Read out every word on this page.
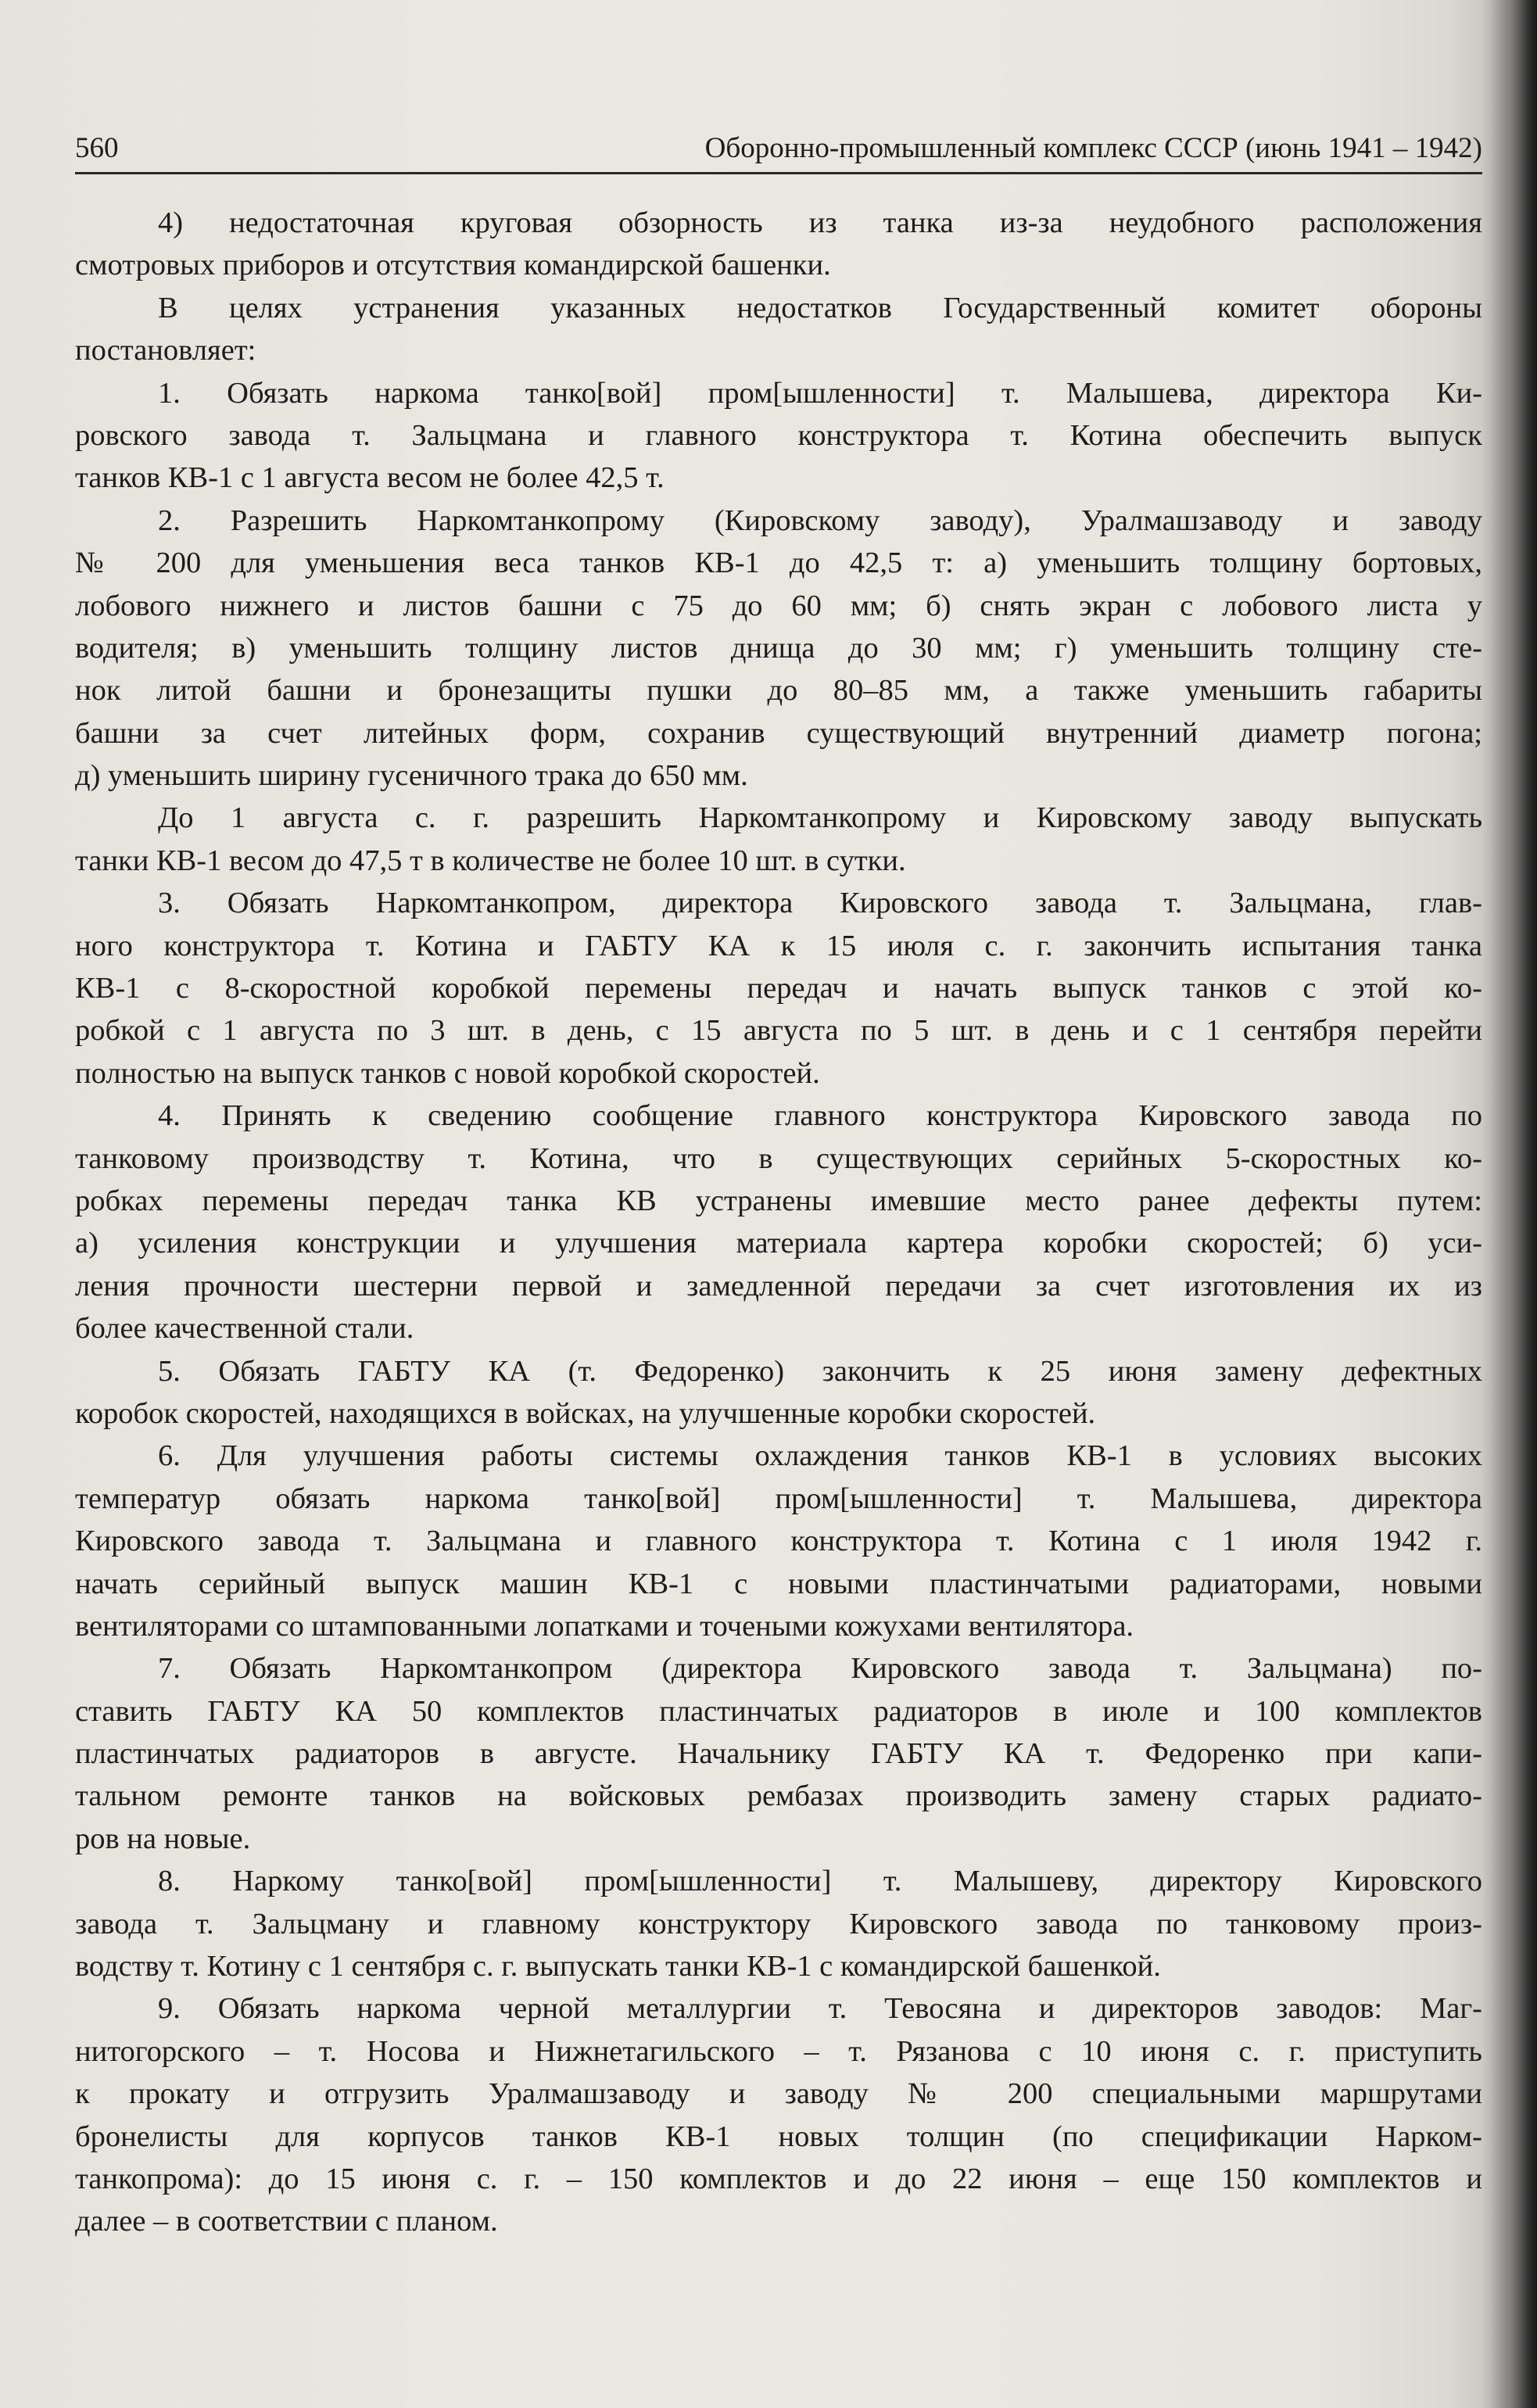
560	Оборонно-промышленный комплекс СССР (июнь 1941 – 1942)
4) недостаточная круговая обзорность из танка из-за неудобного расположения
смотровых приборов и отсутствия командирской башенки.
В целях устранения указанных недостатков Государственный комитет обороны
постановляет:
1. Обязать наркома танко[вой] пром[ышленности] т. Малышева, директора Ки-
ровского завода т. Зальцмана и главного конструктора т. Котина обеспечить выпуск
танков КВ-1 с 1 августа весом не более 42,5 т.
2. Разрешить Наркомтанкопрому (Кировскому заводу), Уралмашзаводу и заводу
№ 200 для уменьшения веса танков КВ-1 до 42,5 т: а) уменьшить толщину бортовых,
лобового нижнего и листов башни с 75 до 60 мм; б) снять экран с лобового листа у
водителя; в) уменьшить толщину листов днища до 30 мм; г) уменьшить толщину сте-
нок литой башни и бронезащиты пушки до 80–85 мм, а также уменьшить габариты
башни за счет литейных форм, сохранив существующий внутренний диаметр погона;
д) уменьшить ширину гусеничного трака до 650 мм.
До 1 августа с. г. разрешить Наркомтанкопрому и Кировскому заводу выпускать
танки КВ-1 весом до 47,5 т в количестве не более 10 шт. в сутки.
3. Обязать Наркомтанкопром, директора Кировского завода т. Зальцмана, глав-
ного конструктора т. Котина и ГАБТУ КА к 15 июля с. г. закончить испытания танка
КВ-1 с 8-скоростной коробкой перемены передач и начать выпуск танков с этой ко-
робкой с 1 августа по 3 шт. в день, с 15 августа по 5 шт. в день и с 1 сентября перейти
полностью на выпуск танков с новой коробкой скоростей.
4. Принять к сведению сообщение главного конструктора Кировского завода по
танковому производству т. Котина, что в существующих серийных 5-скоростных ко-
робках перемены передач танка КВ устранены имевшие место ранее дефекты путем:
а) усиления конструкции и улучшения материала картера коробки скоростей; б) уси-
ления прочности шестерни первой и замедленной передачи за счет изготовления их из
более качественной стали.
5. Обязать ГАБТУ КА (т. Федоренко) закончить к 25 июня замену дефектных
коробок скоростей, находящихся в войсках, на улучшенные коробки скоростей.
6. Для улучшения работы системы охлаждения танков КВ-1 в условиях высоких
температур обязать наркома танко[вой] пром[ышленности] т. Малышева, директора
Кировского завода т. Зальцмана и главного конструктора т. Котина с 1 июля 1942 г.
начать серийный выпуск машин КВ-1 с новыми пластинчатыми радиаторами, новыми
вентиляторами со штампованными лопатками и точеными кожухами вентилятора.
7. Обязать Наркомтанкопром (директора Кировского завода т. Зальцмана) по-
ставить ГАБТУ КА 50 комплектов пластинчатых радиаторов в июле и 100 комплектов
пластинчатых радиаторов в августе. Начальнику ГАБТУ КА т. Федоренко при капи-
тальном ремонте танков на войсковых рембазах производить замену старых радиато-
ров на новые.
8. Наркому танко[вой] пром[ышленности] т. Малышеву, директору Кировского
завода т. Зальцману и главному конструктору Кировского завода по танковому произ-
водству т. Котину с 1 сентября с. г. выпускать танки КВ-1 с командирской башенкой.
9. Обязать наркома черной металлургии т. Тевосяна и директоров заводов: Маг-
нитогорского – т. Носова и Нижнетагильского – т. Рязанова с 10 июня с. г. приступить
к прокату и отгрузить Уралмашзаводу и заводу № 200 специальными маршрутами
бронелисты для корпусов танков КВ-1 новых толщин (по спецификации Нарком-
танкопрома): до 15 июня с. г. – 150 комплектов и до 22 июня – еще 150 комплектов и
далее – в соответствии с планом.
